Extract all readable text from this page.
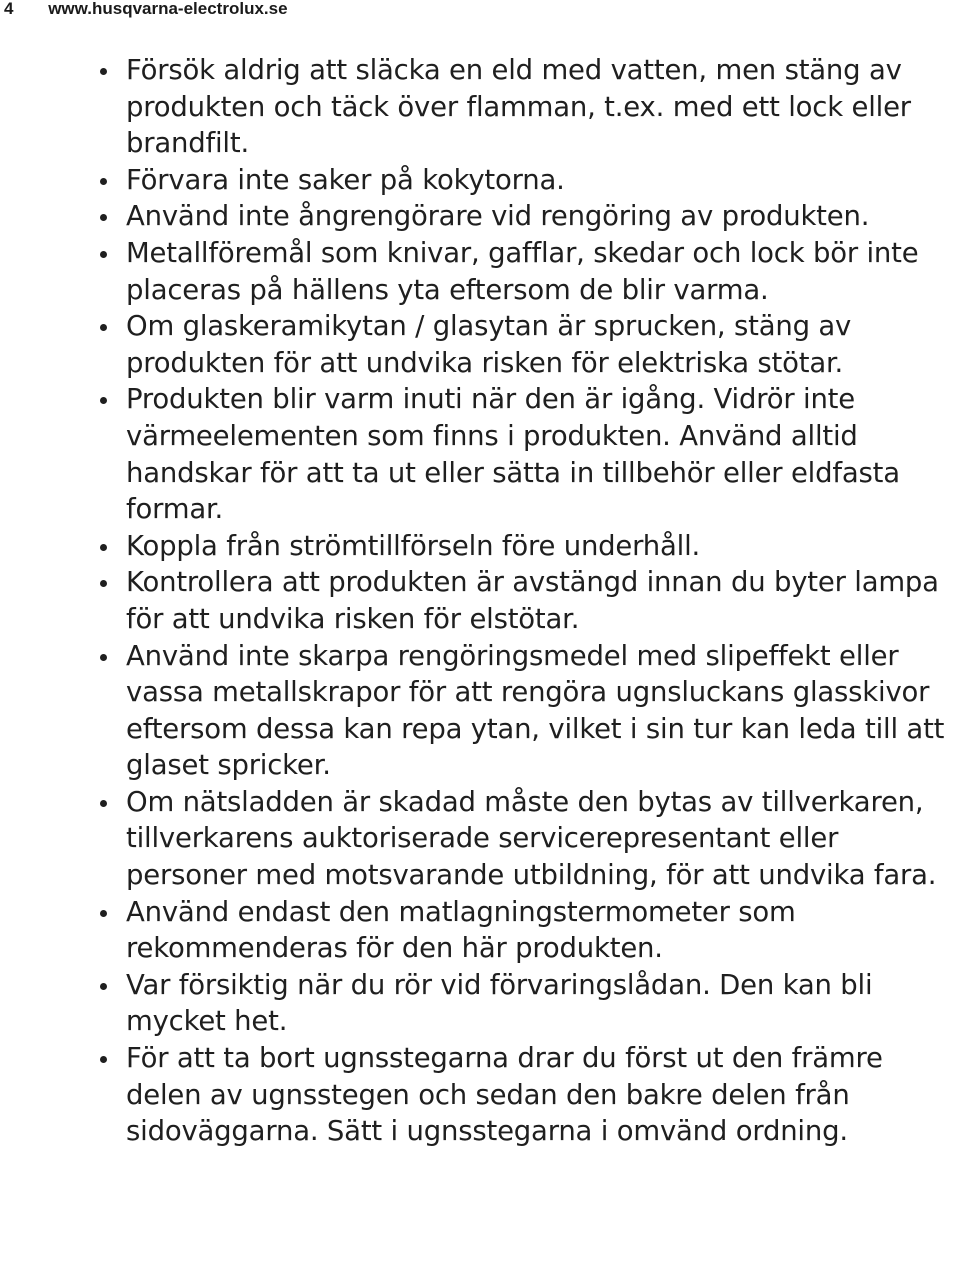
4 www.husqvarna-electrolux.se
Försök aldrig att släcka en eld med vatten, men stäng av produkten och täck över flamman, t.ex. med ett lock eller brandfilt.
Förvara inte saker på kokytorna.
Använd inte ångrengörare vid rengöring av produkten.
Metallföremål som knivar, gafflar, skedar och lock bör inte placeras på hällens yta eftersom de blir varma.
Om glaskeramikytan / glasytan är sprucken, stäng av produkten för att undvika risken för elektriska stötar.
Produkten blir varm inuti när den är igång. Vidrör inte värmeelementen som finns i produkten. Använd alltid handskar för att ta ut eller sätta in tillbehör eller eldfasta formar.
Koppla från strömtillförseln före underhåll.
Kontrollera att produkten är avstängd innan du byter lampa för att undvika risken för elstötar.
Använd inte skarpa rengöringsmedel med slipeffekt eller vassa metallskrapor för att rengöra ugnsluckans glasskivor eftersom dessa kan repa ytan, vilket i sin tur kan leda till att glaset spricker.
Om nätsladden är skadad måste den bytas av tillverkaren, tillverkarens auktoriserade servicerepresentant eller personer med motsvarande utbildning, för att undvika fara.
Använd endast den matlagningstermometer som rekommenderas för den här produkten.
Var försiktig när du rör vid förvaringslådan. Den kan bli mycket het.
För att ta bort ugnsstegarna drar du först ut den främre delen av ugnsstegen och sedan den bakre delen från sidoväggarna. Sätt i ugnsstegarna i omvänd ordning.
